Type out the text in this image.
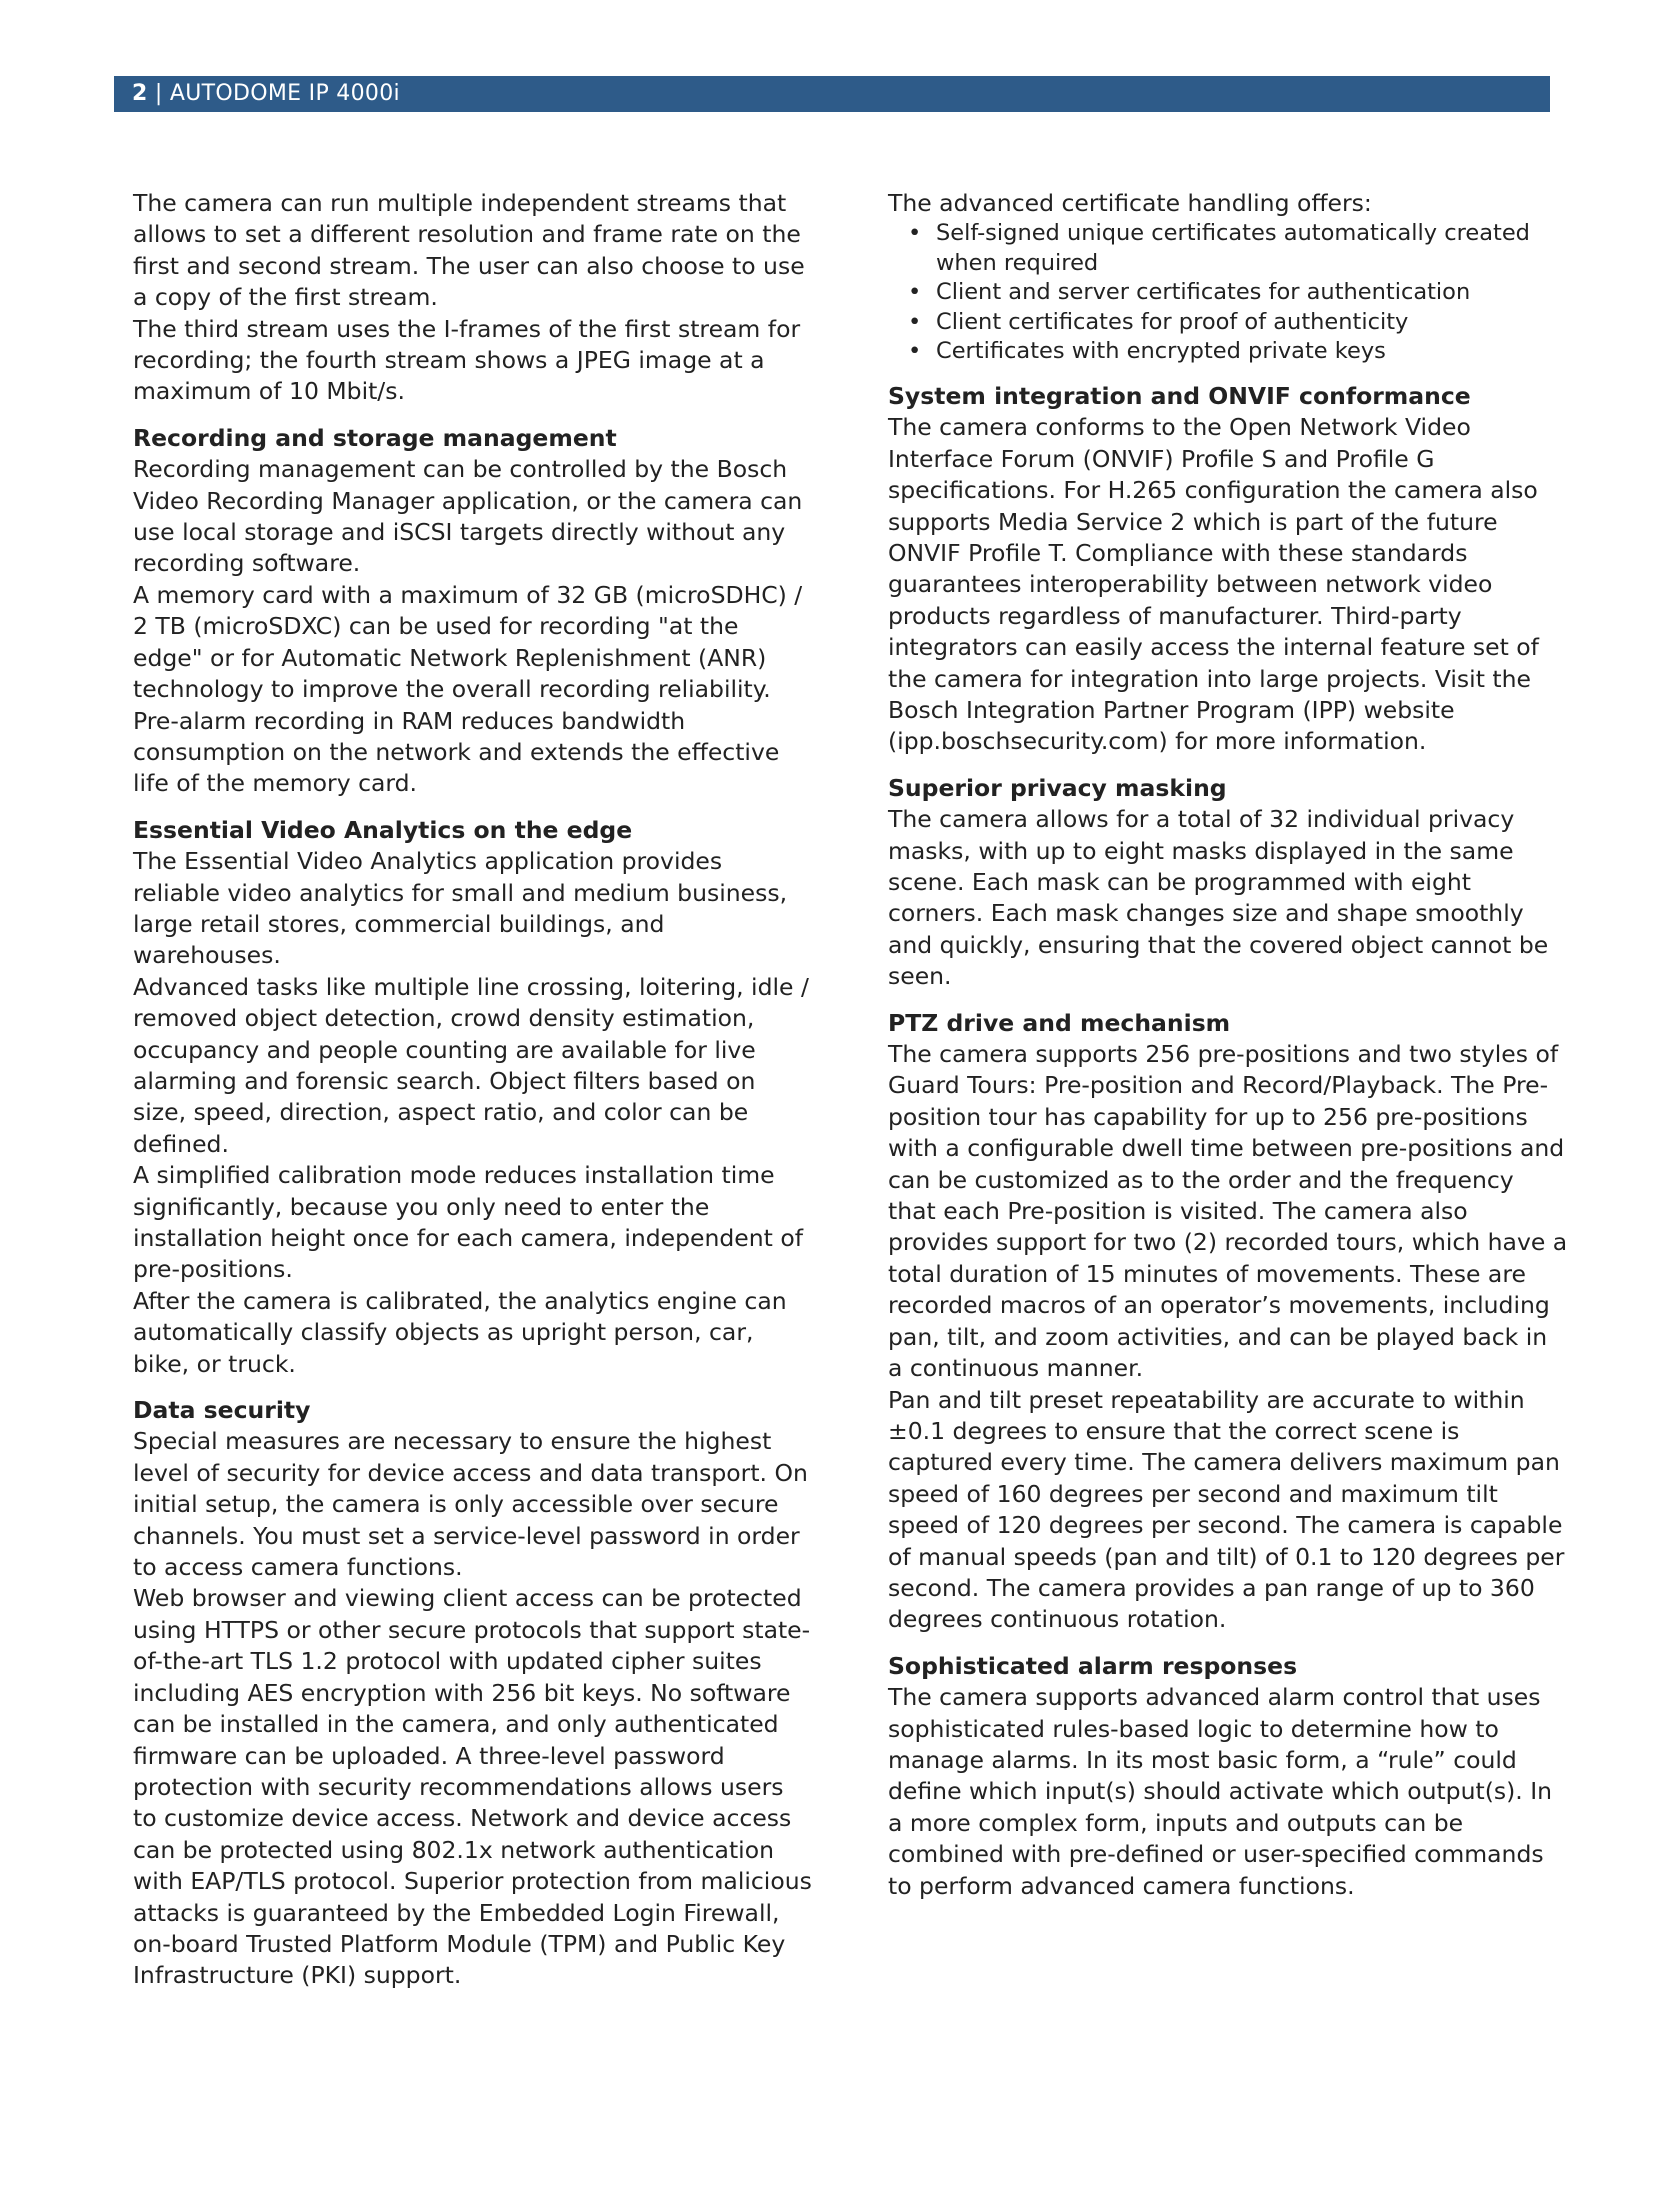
2 | AUTODOME IP 4000i

The camera can run multiple independent streams that allows to set a different resolution and frame rate on the first and second stream. The user can also choose to use a copy of the first stream.

The third stream uses the I-frames of the first stream for recording; the fourth stream shows a JPEG image at a maximum of 10 Mbit/s.

Recording and storage management

Recording management can be controlled by the Bosch Video Recording Manager application, or the camera can use local storage and iSCSI targets directly without any recording software.

A memory card with a maximum of 32 GB (microSDHC) / 2 TB (microSDXC) can be used for recording "at the edge" or for Automatic Network Replenishment (ANR) technology to improve the overall recording reliability.

Pre-alarm recording in RAM reduces bandwidth consumption on the network and extends the effective life of the memory card.

Essential Video Analytics on the edge

The Essential Video Analytics application provides reliable video analytics for small and medium business, large retail stores, commercial buildings, and warehouses.

Advanced tasks like multiple line crossing, loitering, idle / removed object detection, crowd density estimation, occupancy and people counting are available for live alarming and forensic search. Object filters based on size, speed, direction, aspect ratio, and color can be defined.

A simplified calibration mode reduces installation time significantly, because you only need to enter the installation height once for each camera, independent of pre-positions.

After the camera is calibrated, the analytics engine can automatically classify objects as upright person, car, bike, or truck.

Data security

Special measures are necessary to ensure the highest level of security for device access and data transport. On initial setup, the camera is only accessible over secure channels. You must set a service-level password in order to access camera functions.

Web browser and viewing client access can be protected using HTTPS or other secure protocols that support state-of-the-art TLS 1.2 protocol with updated cipher suites including AES encryption with 256 bit keys. No software can be installed in the camera, and only authenticated firmware can be uploaded. A three-level password protection with security recommendations allows users to customize device access. Network and device access can be protected using 802.1x network authentication with EAP/TLS protocol. Superior protection from malicious attacks is guaranteed by the Embedded Login Firewall, on-board Trusted Platform Module (TPM) and Public Key Infrastructure (PKI) support.

The advanced certificate handling offers:

• Self-signed unique certificates automatically created when required
• Client and server certificates for authentication
• Client certificates for proof of authenticity
• Certificates with encrypted private keys

System integration and ONVIF conformance

The camera conforms to the Open Network Video Interface Forum (ONVIF) Profile S and Profile G specifications. For H.265 configuration the camera also supports Media Service 2 which is part of the future ONVIF Profile T. Compliance with these standards guarantees interoperability between network video products regardless of manufacturer. Third-party integrators can easily access the internal feature set of the camera for integration into large projects. Visit the Bosch Integration Partner Program (IPP) website (ipp.boschsecurity.com) for more information.

Superior privacy masking

The camera allows for a total of 32 individual privacy masks, with up to eight masks displayed in the same scene. Each mask can be programmed with eight corners. Each mask changes size and shape smoothly and quickly, ensuring that the covered object cannot be seen.

PTZ drive and mechanism

The camera supports 256 pre-positions and two styles of Guard Tours: Pre-position and Record/Playback. The Pre-position tour has capability for up to 256 pre-positions with a configurable dwell time between pre-positions and can be customized as to the order and the frequency that each Pre-position is visited. The camera also provides support for two (2) recorded tours, which have a total duration of 15 minutes of movements. These are recorded macros of an operator’s movements, including pan, tilt, and zoom activities, and can be played back in a continuous manner.

Pan and tilt preset repeatability are accurate to within ±0.1 degrees to ensure that the correct scene is captured every time. The camera delivers maximum pan speed of 160 degrees per second and maximum tilt speed of 120 degrees per second. The camera is capable of manual speeds (pan and tilt) of 0.1 to 120 degrees per second. The camera provides a pan range of up to 360 degrees continuous rotation.

Sophisticated alarm responses

The camera supports advanced alarm control that uses sophisticated rules-based logic to determine how to manage alarms. In its most basic form, a “rule” could define which input(s) should activate which output(s). In a more complex form, inputs and outputs can be combined with pre-defined or user-specified commands to perform advanced camera functions.
